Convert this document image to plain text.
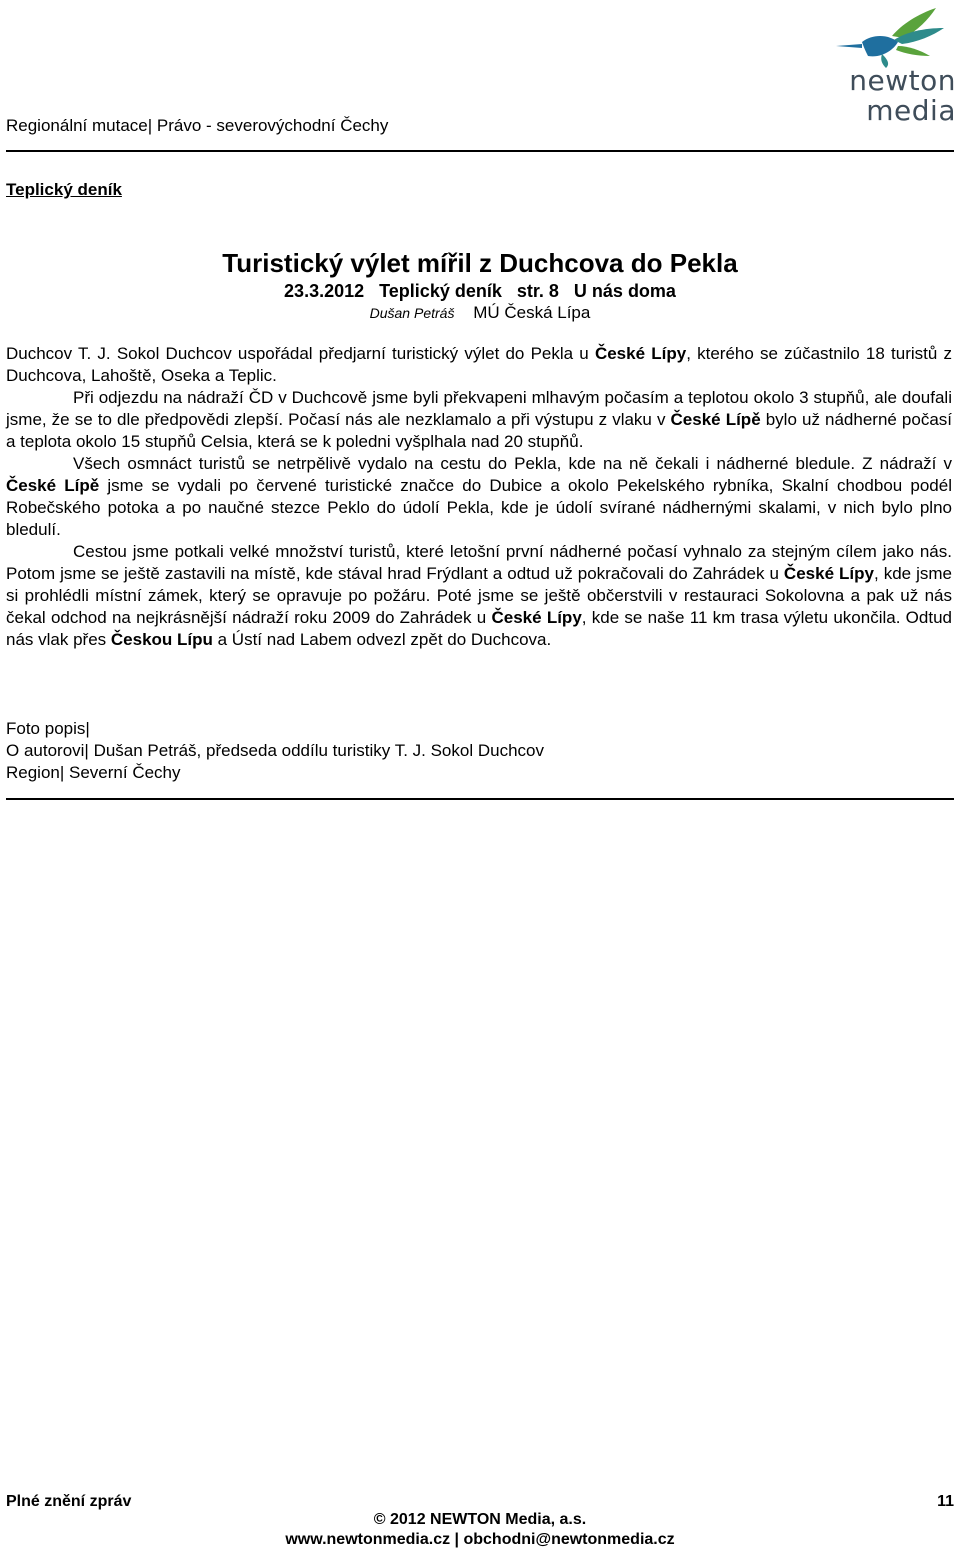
newton media
Regionální mutace| Právo - severovýchodní Čechy
Teplický deník
Turistický výlet mířil z Duchcova do Pekla
23.3.2012 Teplický deník str. 8 U nás doma
Dušan Petráš MÚ Česká Lípa

Duchcov T. J. Sokol Duchcov uspořádal předjarní turistický výlet do Pekla u České Lípy, kterého se zúčastnilo 18 turistů z Duchcova, Lahoště, Oseka a Teplic.

Při odjezdu na nádraží ČD v Duchcově jsme byli překvapeni mlhavým počasím a teplotou okolo 3 stupňů, ale doufali jsme, že se to dle předpovědi zlepší. Počasí nás ale nezklamalo a při výstupu z vlaku v České Lípě bylo už nádherné počasí a teplota okolo 15 stupňů Celsia, která se k poledni vyšplhala nad 20 stupňů.

Všech osmnáct turistů se netrpělivě vydalo na cestu do Pekla, kde na ně čekali i nádherné bledule. Z nádraží v České Lípě jsme se vydali po červené turistické značce do Dubice a okolo Pekelského rybníka, Skalní chodbou podél Robečského potoka a po naučné stezce Peklo do údolí Pekla, kde je údolí svírané nádhernými skalami, v nich bylo plno bledulí.

Cestou jsme potkali velké množství turistů, které letošní první nádherné počasí vyhnalo za stejným cílem jako nás. Potom jsme se ještě zastavili na místě, kde stával hrad Frýdlant a odtud už pokračovali do Zahrádek u České Lípy, kde jsme si prohlédli místní zámek, který se opravuje po požáru. Poté jsme se ještě občerstvili v restauraci Sokolovna a pak už nás čekal odchod na nejkrásnější nádraží roku 2009 do Zahrádek u České Lípy, kde se naše 11 km trasa výletu ukončila. Odtud nás vlak přes Českou Lípu a Ústí nad Labem odvezl zpět do Duchcova.

Foto popis|
O autorovi| Dušan Petráš, předseda oddílu turistiky T. J. Sokol Duchcov
Region| Severní Čechy
Plné znění zpráv	11
© 2012 NEWTON Media, a.s.
www.newtonmedia.cz | obchodni@newtonmedia.cz
